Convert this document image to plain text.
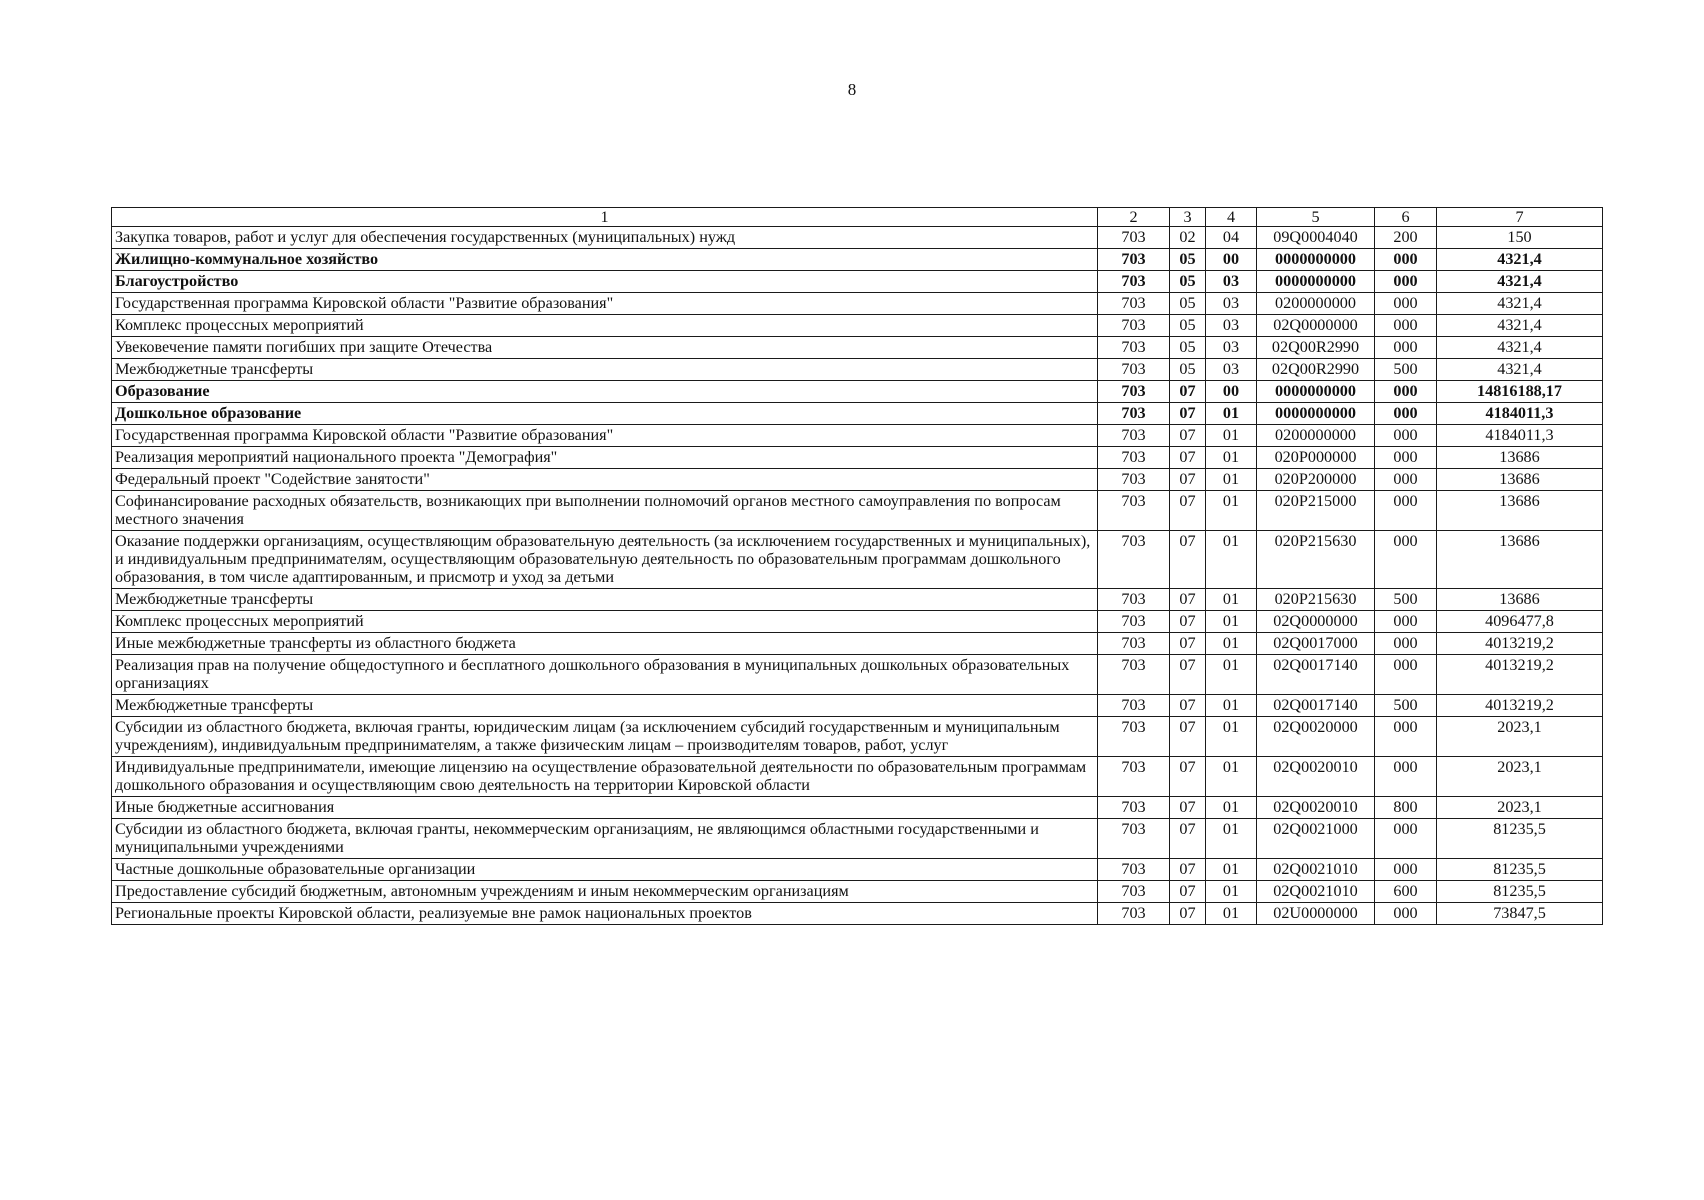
8
1	2	3	4	5	6	7
Закупка товаров, работ и услуг для обеспечения государственных (муниципальных) нужд	703	02	04	09Q0004040	200	150
Жилищно-коммунальное хозяйство	703	05	00	0000000000	000	4321,4
Благоустройство	703	05	03	0000000000	000	4321,4
Государственная программа Кировской области "Развитие образования"	703	05	03	0200000000	000	4321,4
Комплекс процессных мероприятий	703	05	03	02Q0000000	000	4321,4
Увековечение памяти погибших при защите Отечества	703	05	03	02Q00R2990	000	4321,4
Межбюджетные трансферты	703	05	03	02Q00R2990	500	4321,4
Образование	703	07	00	0000000000	000	14816188,17
Дошкольное образование	703	07	01	0000000000	000	4184011,3
Государственная программа Кировской области "Развитие образования"	703	07	01	0200000000	000	4184011,3
Реализация мероприятий национального проекта "Демография"	703	07	01	020P000000	000	13686
Федеральный проект "Содействие занятости"	703	07	01	020P200000	000	13686
Софинансирование расходных обязательств, возникающих при выполнении полномочий органов местного самоуправления по вопросам местного значения	703	07	01	020P215000	000	13686
Оказание поддержки организациям, осуществляющим образовательную деятельность (за исключением государственных и муниципальных), и индивидуальным предпринимателям, осуществляющим образовательную деятельность по образовательным программам дошкольного образования, в том числе адаптированным, и присмотр и уход за детьми	703	07	01	020P215630	000	13686
Межбюджетные трансферты	703	07	01	020P215630	500	13686
Комплекс процессных мероприятий	703	07	01	02Q0000000	000	4096477,8
Иные межбюджетные трансферты из областного бюджета	703	07	01	02Q0017000	000	4013219,2
Реализация прав на получение общедоступного и бесплатного дошкольного образования в муниципальных дошкольных образовательных организациях	703	07	01	02Q0017140	000	4013219,2
Межбюджетные трансферты	703	07	01	02Q0017140	500	4013219,2
Субсидии из областного бюджета, включая гранты, юридическим лицам (за исключением субсидий государственным и муниципальным учреждениям), индивидуальным предпринимателям, а также физическим лицам – производителям товаров, работ, услуг	703	07	01	02Q0020000	000	2023,1
Индивидуальные предприниматели, имеющие лицензию на осуществление образовательной деятельности по образовательным программам дошкольного образования и осуществляющим свою деятельность на территории Кировской области	703	07	01	02Q0020010	000	2023,1
Иные бюджетные ассигнования	703	07	01	02Q0020010	800	2023,1
Субсидии из областного бюджета, включая гранты, некоммерческим организациям, не являющимся областными государственными и муниципальными учреждениями	703	07	01	02Q0021000	000	81235,5
Частные дошкольные образовательные организации	703	07	01	02Q0021010	000	81235,5
Предоставление субсидий бюджетным, автономным учреждениям и иным некоммерческим организациям	703	07	01	02Q0021010	600	81235,5
Региональные проекты Кировской области, реализуемые вне рамок национальных проектов	703	07	01	02U0000000	000	73847,5
